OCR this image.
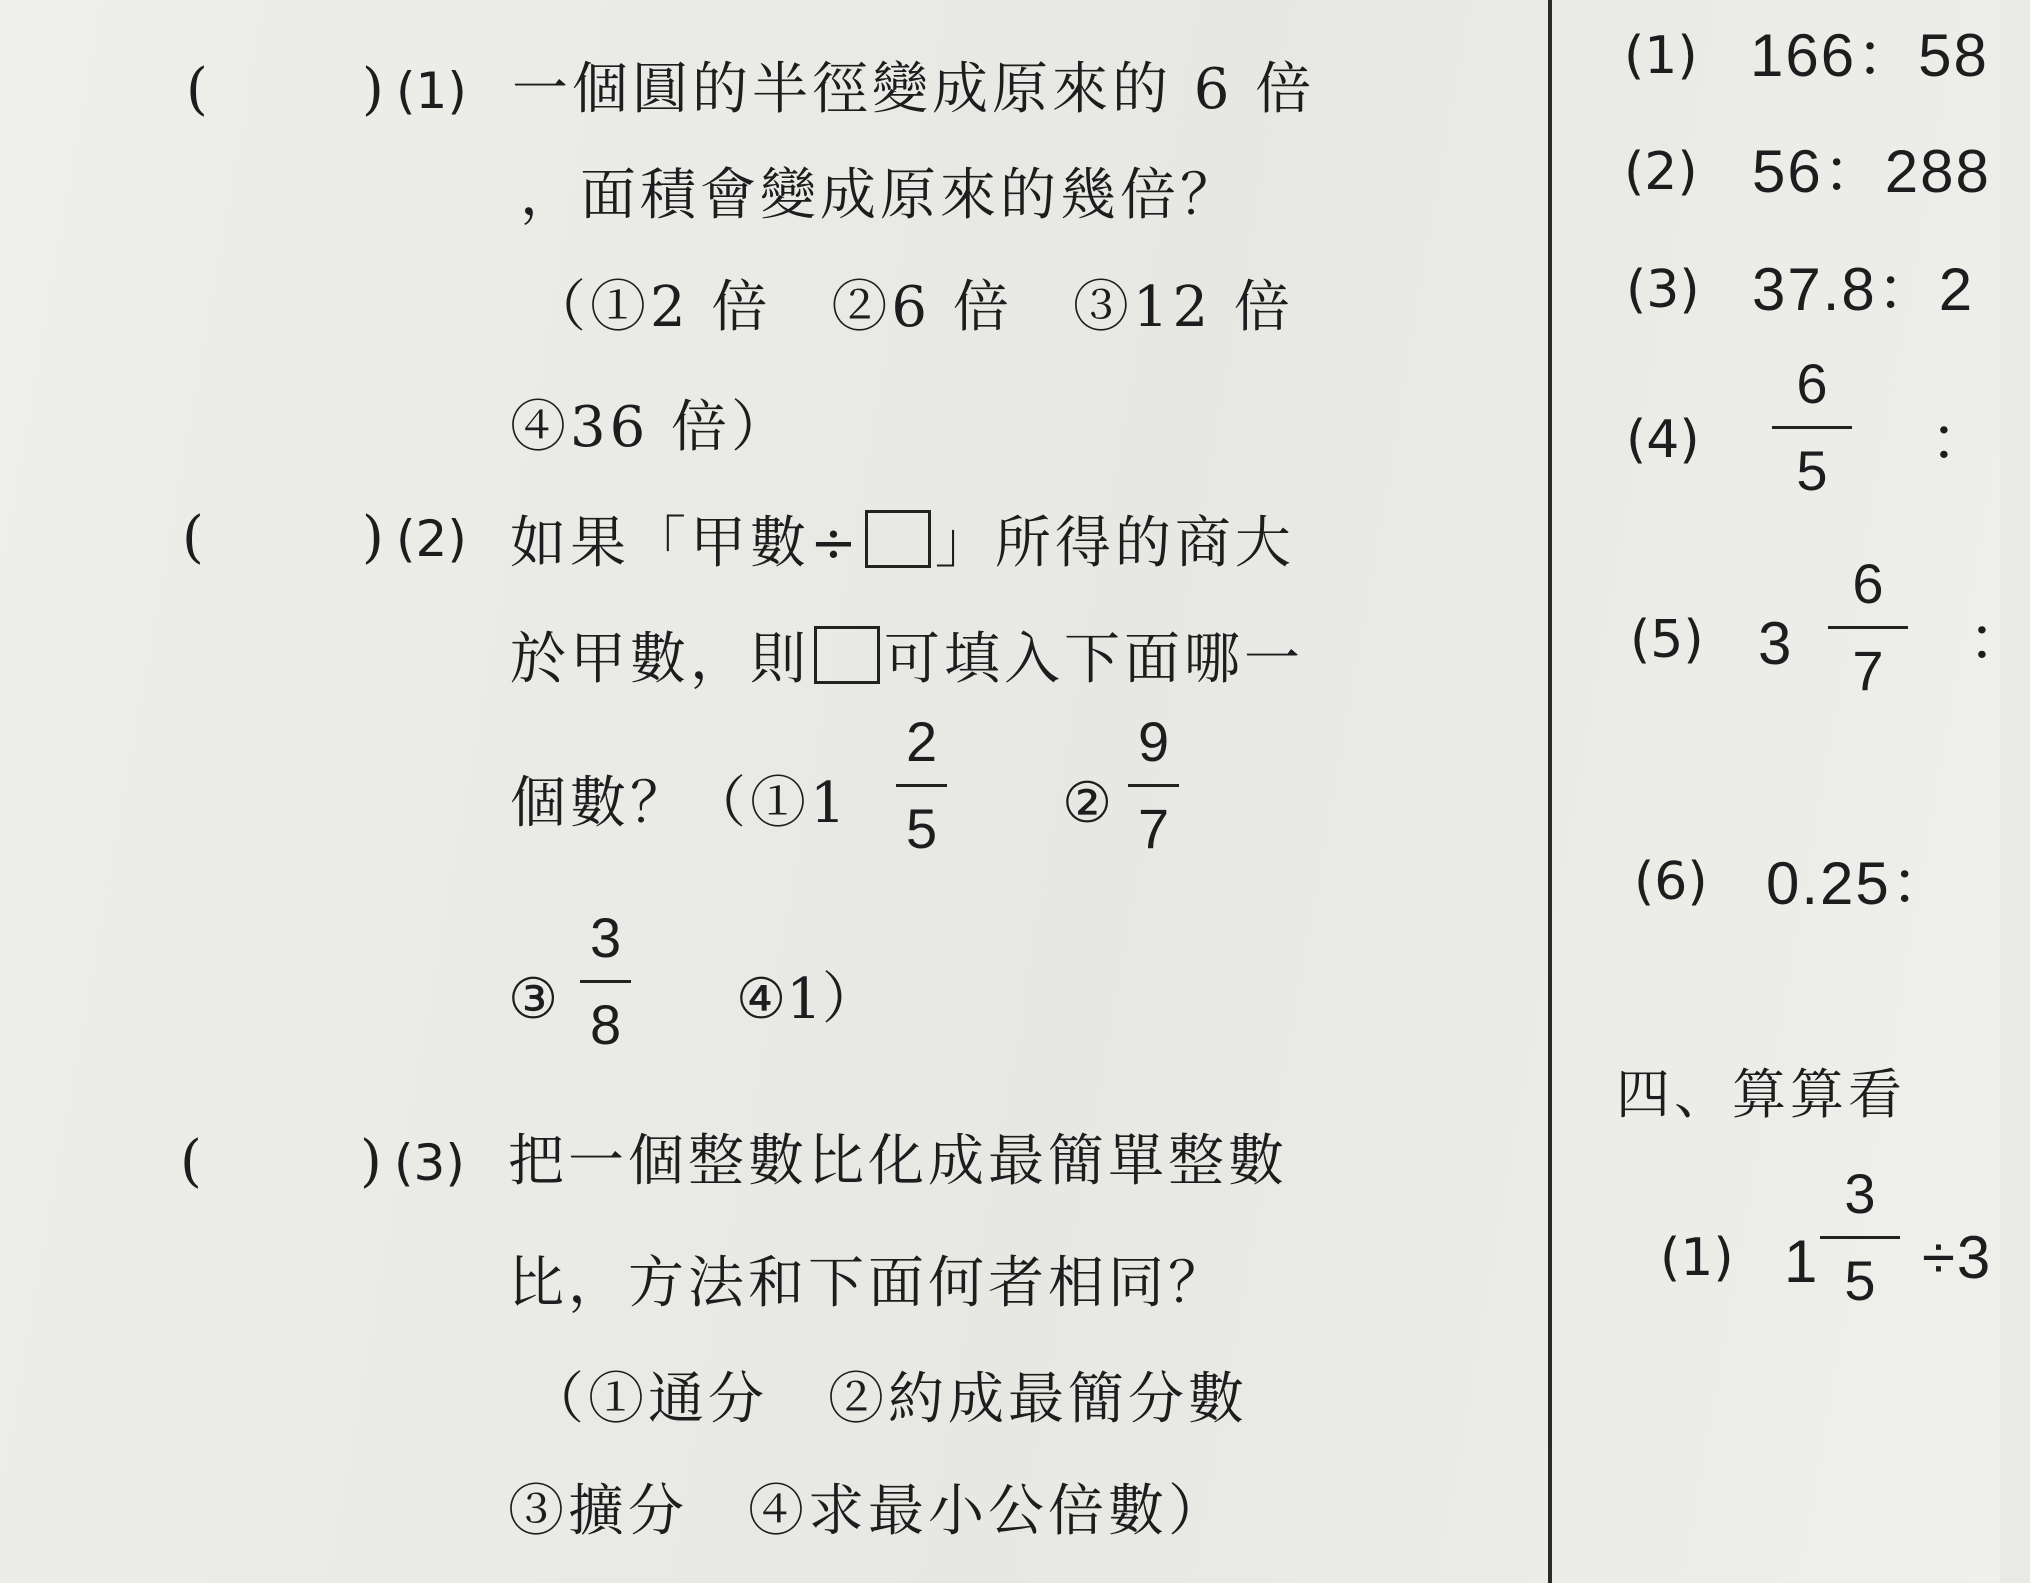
(	) (1) 一個圓的半徑變成原來的 6 倍
，面積會變成原來的幾倍？
（①2 倍　②6 倍　③12 倍
④36 倍）
(	) (2) 如果「甲數÷ 」所得的商大
於甲數，則 可填入下面哪一
個數？（①1
2
5 ②
9
7
③
3
8 ④1）
(	) (3) 把一個整數比化成最簡單整數
比，方法和下面何者相同？
（①通分　②約成最簡分數
③擴分　④求最小公倍數）
(1) 166：58
(2) 56：288
(3) 37.8：2
(4)
6
5 ：
(5) 3
6
7 ：
(6) 0.25：
四、算算看
(1) 1
3
5 ÷3
